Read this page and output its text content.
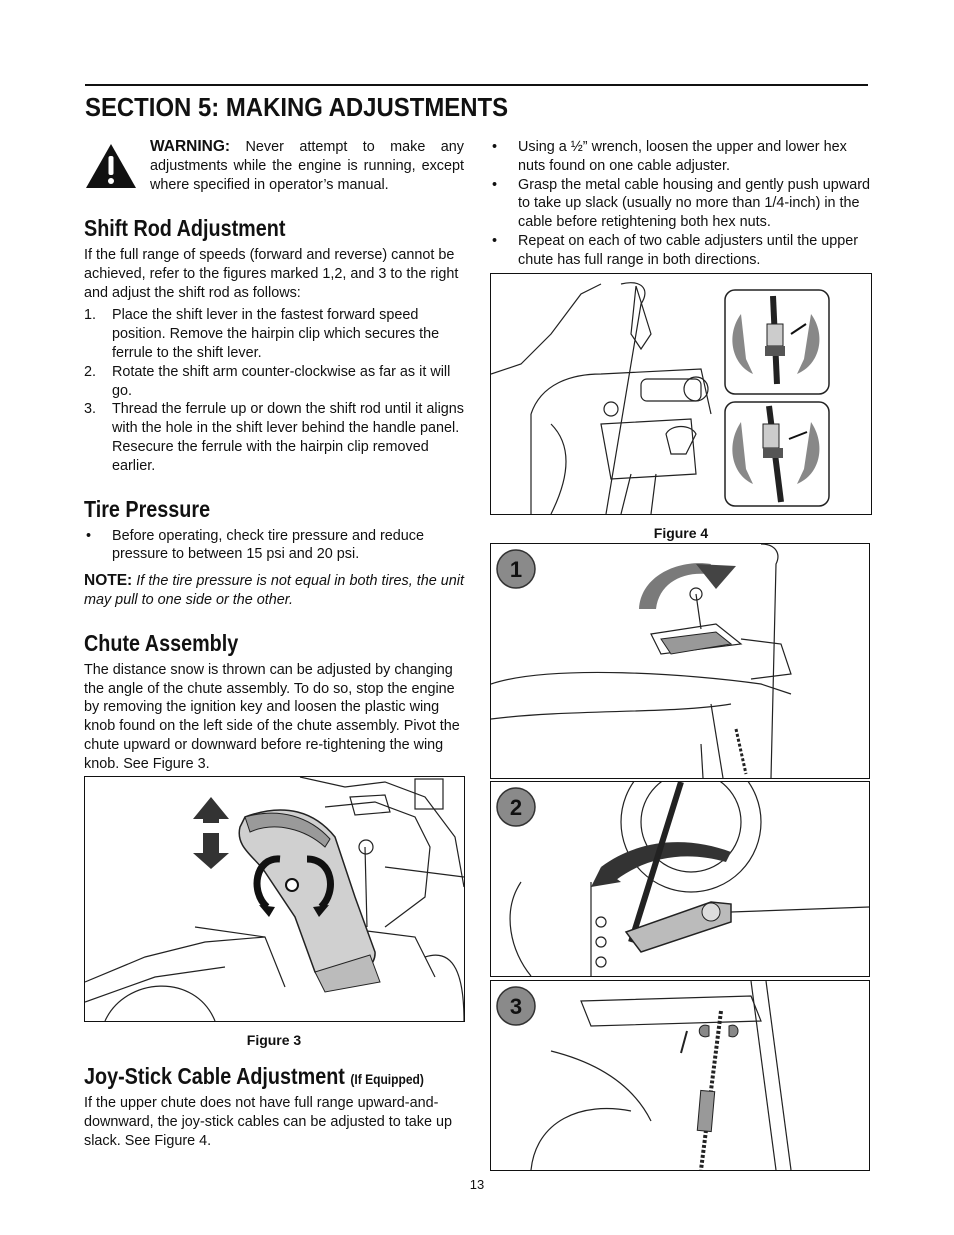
SECTION 5: MAKING ADJUSTMENTS

WARNING: Never attempt to make any adjustments while the engine is running, except where specified in operator’s manual.

Shift Rod Adjustment

If the full range of speeds (forward and reverse) cannot be achieved, refer to the figures marked 1,2, and 3 to the right and adjust the shift rod as follows:

1. Place the shift lever in the fastest forward speed position. Remove the hairpin clip which secures the ferrule to the shift lever.
2. Rotate the shift arm counter-clockwise as far as it will go.
3. Thread the ferrule up or down the shift rod until it aligns with the hole in the shift lever behind the handle panel. Resecure the ferrule with the hairpin clip removed earlier.
Tire Pressure
• Before operating, check tire pressure and reduce pressure to between 15 psi and 20 psi.

NOTE: If the tire pressure is not equal in both tires, the unit may pull to one side or the other.

Chute Assembly

The distance snow is thrown can be adjusted by changing the angle of the chute assembly. To do so, stop the engine by removing the ignition key and loosen the plastic wing knob found on the left side of the chute assembly. Pivot the chute upward or downward before re-tightening the wing knob. See Figure 3.

Figure 3

Joy-Stick Cable Adjustment (If Equipped)

If the upper chute does not have full range upward-and-downward, the joy-stick cables can be adjusted to take up slack. See Figure 4.

• Using a ½” wrench, loosen the upper and lower hex nuts found on one cable adjuster.
• Grasp the metal cable housing and gently push upward to take up slack (usually no more than 1/4-inch) in the cable before retightening both hex nuts.
• Repeat on each of two cable adjusters until the upper chute has full range in both directions.

Figure 4

1
2
3
13
